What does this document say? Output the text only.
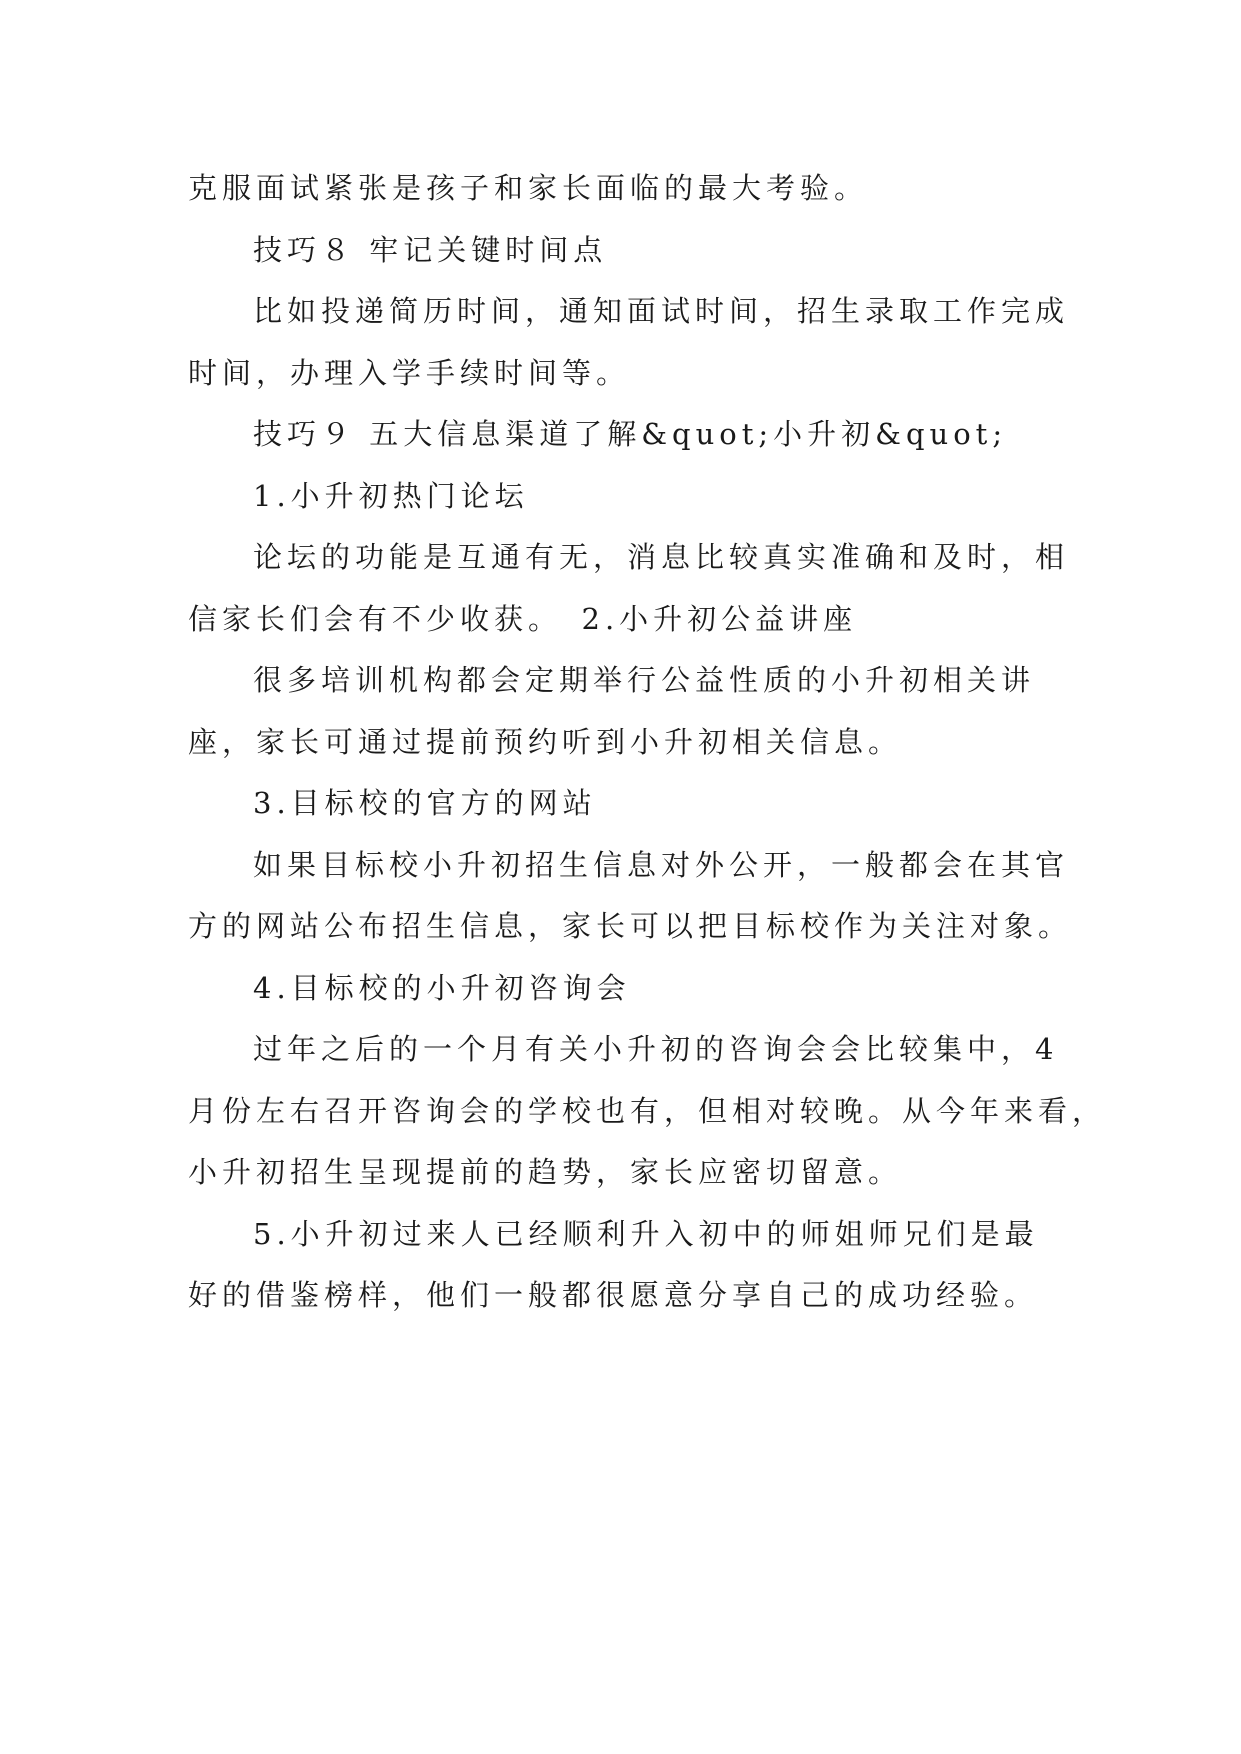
克服面试紧张是孩子和家长面临的最大考验。
技巧８ 牢记关键时间点
比如投递简历时间，通知面试时间，招生录取工作完成
时间，办理入学手续时间等。
技巧９ 五大信息渠道了解&quot;小升初&quot;
1.小升初热门论坛
论坛的功能是互通有无，消息比较真实准确和及时，相
信家长们会有不少收获。　2.小升初公益讲座
很多培训机构都会定期举行公益性质的小升初相关讲
座，家长可通过提前预约听到小升初相关信息。
3.目标校的官方的网站
如果目标校小升初招生信息对外公开，一般都会在其官
方的网站公布招生信息，家长可以把目标校作为关注对象。
4.目标校的小升初咨询会
过年之后的一个月有关小升初的咨询会会比较集中，4
月份左右召开咨询会的学校也有，但相对较晚。从今年来看，
小升初招生呈现提前的趋势，家长应密切留意。
5.小升初过来人已经顺利升入初中的师姐师兄们是最
好的借鉴榜样，他们一般都很愿意分享自己的成功经验。
